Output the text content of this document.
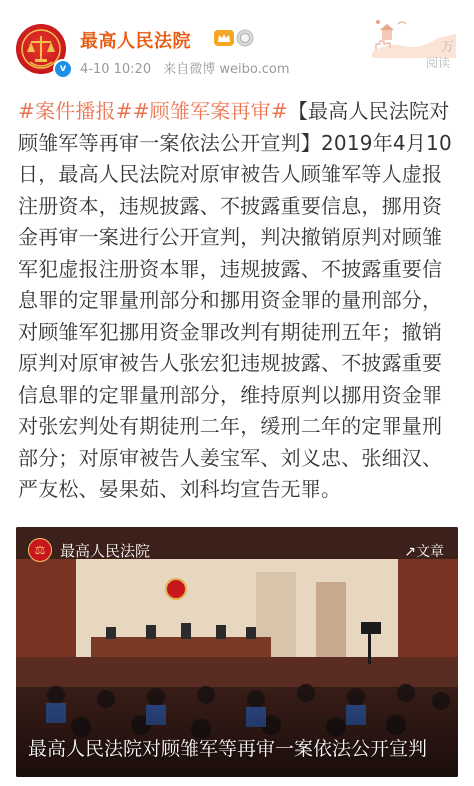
v
最高人民法院
4-10 10:20 来自微博 weibo.com
万
阅读
#案件播报##顾雏军案再审#【最高人民法院对顾雏军等再审一案依法公开宣判】2019年4月10日，最高人民法院对原审被告人顾雏军等人虚报注册资本，违规披露、不披露重要信息，挪用资金再审一案进行公开宣判，判决撤销原判对顾雏军犯虚报注册资本罪，违规披露、不披露重要信息罪的定罪量刑部分和挪用资金罪的量刑部分，对顾雏军犯挪用资金罪改判有期徒刑五年；撤销原判对原审被告人张宏犯违规披露、不披露重要信息罪的定罪量刑部分，维持原判以挪用资金罪对张宏判处有期徒刑二年，缓刑二年的定罪量刑部分；对原审被告人姜宝军、刘义忠、张细汉、严友松、晏果茹、刘科均宣告无罪。
⚖ 最高人民法院	↗文章
最高人民法院对顾雏军等再审一案依法公开宣判
